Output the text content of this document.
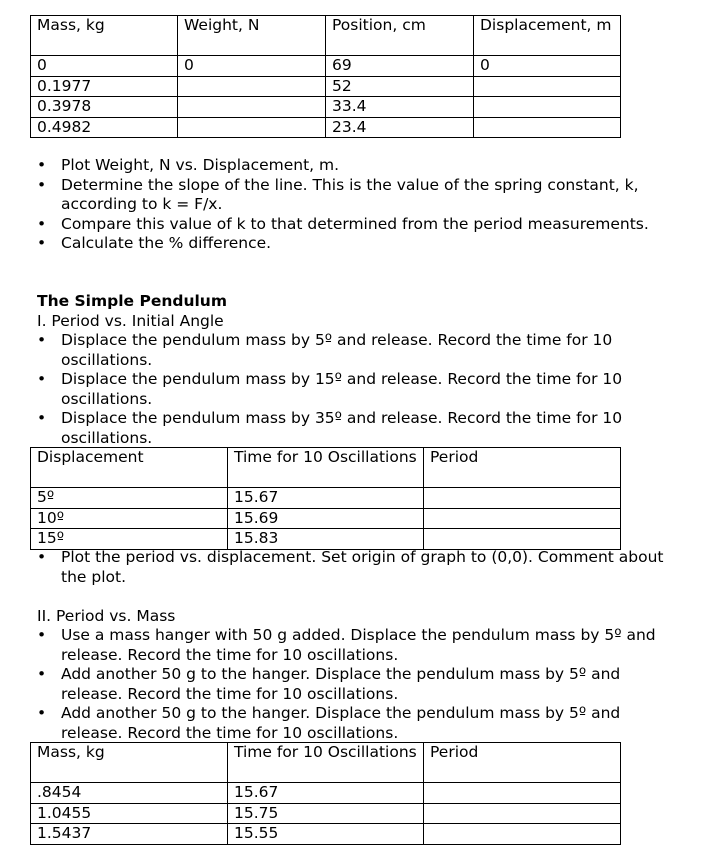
Mass, kg	Weight, N	Position, cm	Displacement, m
0	0	69	0
0.1977		52	
0.3978		33.4	
0.4982		23.4	
• Plot Weight, N vs. Displacement, m.
• Determine the slope of the line. This is the value of the spring constant, k, according to k = F/x.
• Compare this value of k to that determined from the period measurements.
• Calculate the % difference.
The Simple Pendulum
I. Period vs. Initial Angle
• Displace the pendulum mass by 5º and release. Record the time for 10 oscillations.
• Displace the pendulum mass by 15º and release. Record the time for 10 oscillations.
• Displace the pendulum mass by 35º and release. Record the time for 10 oscillations.
Displacement	Time for 10 Oscillations	Period
5º	15.67	
10º	15.69	
15º	15.83	
• Plot the period vs. displacement. Set origin of graph to (0,0). Comment about the plot.
II. Period vs. Mass
• Use a mass hanger with 50 g added. Displace the pendulum mass by 5º and release. Record the time for 10 oscillations.
• Add another 50 g to the hanger. Displace the pendulum mass by 5º and release. Record the time for 10 oscillations.
• Add another 50 g to the hanger. Displace the pendulum mass by 5º and release. Record the time for 10 oscillations.
Mass, kg	Time for 10 Oscillations	Period
.8454	15.67	
1.0455	15.75	
1.5437	15.55	
